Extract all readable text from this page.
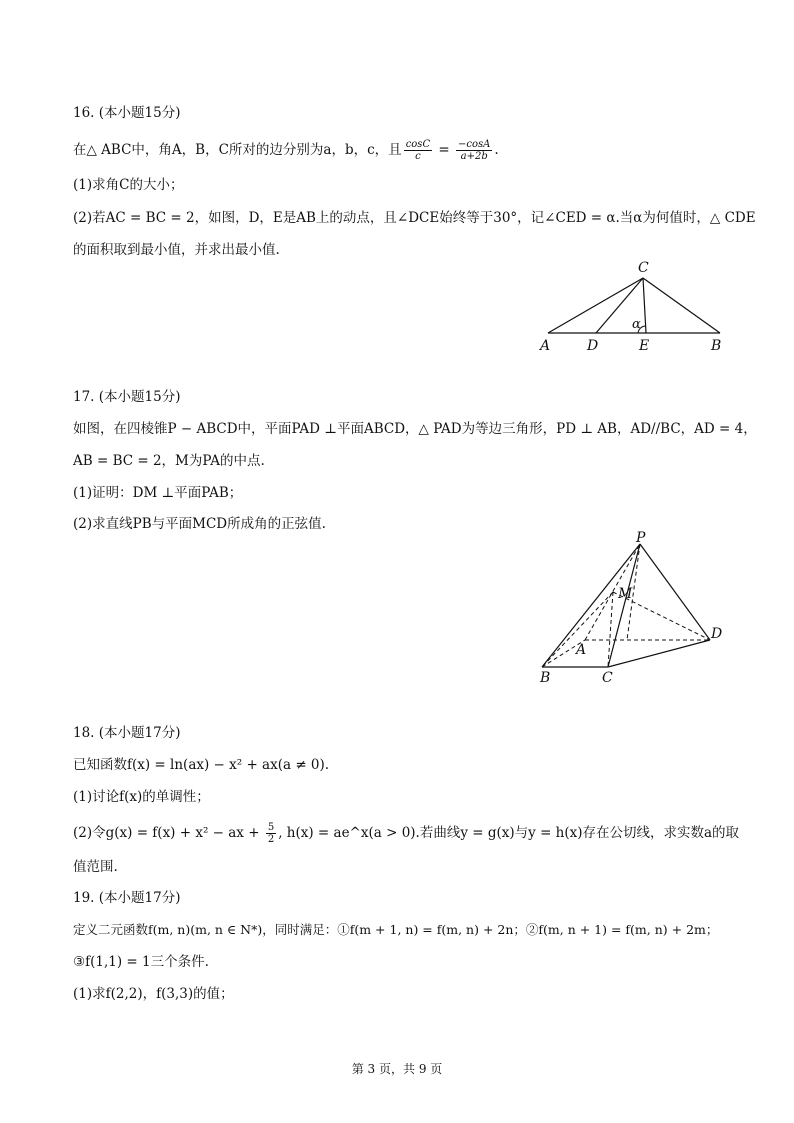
16. (本小题15分)
在△ ABC中，角A，B，C所对的边分别为a，b，c，且 $\frac{\cos C}{c} = \frac{-\cos A}{a+2b}$ .
(1)求角C的大小；
(2)若AC = BC = 2，如图，D，E是AB上的动点，且∠DCE始终等于30°，记∠CED = α.当α为何值时，△ CDE
的面积取到最小值，并求出最小值.
C
A	D	E	B
α
17. (本小题15分)
如图，在四棱锥P − ABCD中，平面PAD ⊥平面ABCD，△ PAD为等边三角形，PD ⊥ AB，AD//BC，AD = 4，
AB = BC = 2，M为PA的中点.
(1)证明：DM ⊥平面PAB；
(2)求直线PB与平面MCD所成角的正弦值.
P
M
D
A
B	C
18. (本小题17分)
已知函数f(x) = ln(ax) − x² + ax(a ≠ 0).
(1)讨论f(x)的单调性；
(2)令g(x) = f(x) + x² − ax + $\frac{5}{2}$ , h(x) = ae^x(a > 0).若曲线y = g(x)与y = h(x)存在公切线，求实数a的取
值范围.
19. (本小题17分)
定义二元函数f(m, n)(m, n ∈ N*)，同时满足：①f(m + 1, n) = f(m, n) + 2n；②f(m, n + 1) = f(m, n) + 2m；
③f(1,1) = 1三个条件.
(1)求f(2,2)，f(3,3)的值；
第 3 页，共 9 页
